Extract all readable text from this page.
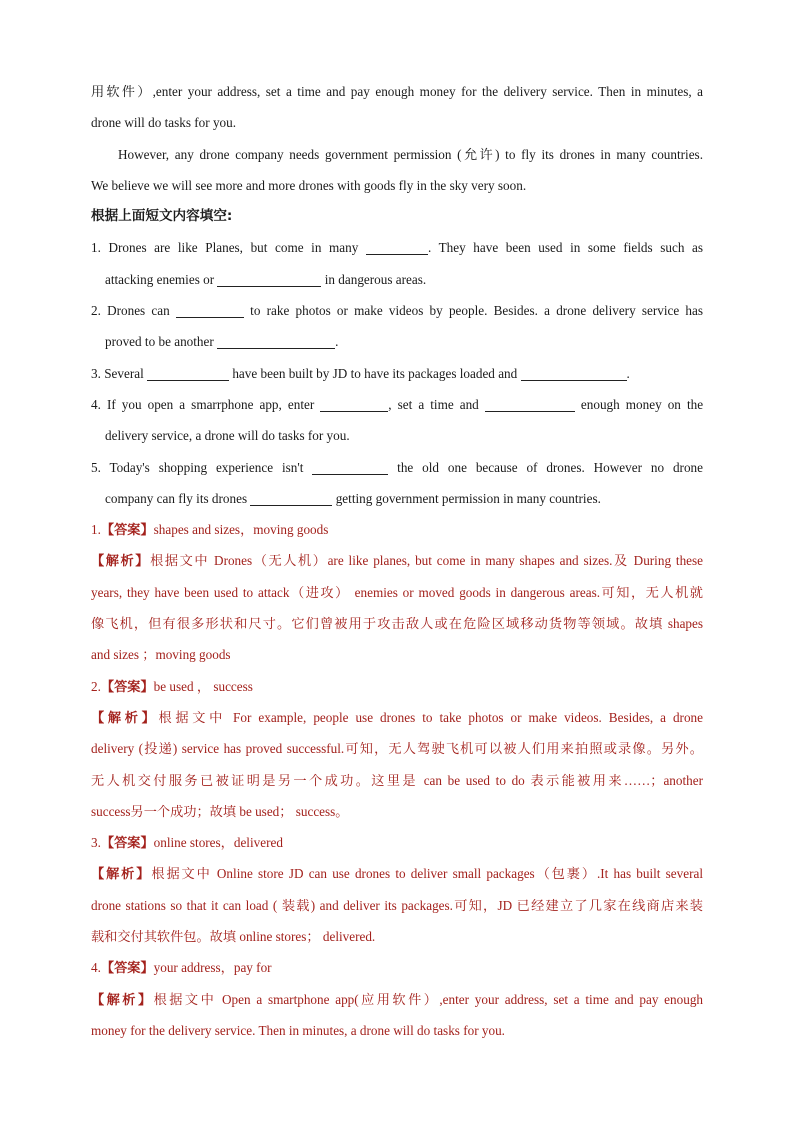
用软件）,enter your address, set a time and pay enough money for the delivery service. Then in minutes, a
drone will do tasks for you.
However, any drone company needs government permission (允许) to fly its drones in many countries.
We believe we will see more and more drones with goods fly in the sky very soon.
根据上面短文内容填空:
1. Drones are like Planes, but come in many	. They have been used in some fields such as
attacking enemies or	in dangerous areas.
2. Drones can	to rake photos or make videos by people. Besides. a drone delivery service has
proved to be another	.
3. Several	have been built by JD to have its packages loaded and	.
4. If you open a smarrphone app, enter	, set a time and	enough money on the
delivery service, a drone will do tasks for you.
5. Today's shopping experience isn't	the old one because of drones. However no drone
company can fly its drones	getting government permission in many countries.
1.【答案】shapes and sizes，moving goods
【解析】根据文中 Drones（无人机）are like planes, but come in many shapes and sizes.及 During these
years, they have been used to attack（进攻） enemies or moved goods in dangerous areas.可知，无人机就
像飞机，但有很多形状和尺寸。它们曾被用于攻击敌人或在危险区域移动货物等领域。故填 shapes
and sizes ；moving goods
2.【答案】be used ， success
【解析】根据文中 For example, people use drones to take photos or make videos. Besides, a drone
delivery (投递) service has proved successful.可知，无人驾驶飞机可以被人们用来拍照或录像。另外。
无人机交付服务已被证明是另一个成功。这里是 can be used to do 表示能被用来……；another
success另一个成功；故填 be used； success。
3.【答案】online stores，delivered
【解析】根据文中 Online store JD can use drones to deliver small packages（包裹）.It has built several
drone stations so that it can load ( 装载) and deliver its packages.可知，JD 已经建立了几家在线商店来装
载和交付其软件包。故填 online stores； delivered.
4.【答案】your address，pay for
【解析】根据文中 Open a smartphone app(应用软件）,enter your address, set a time and pay enough
money for the delivery service. Then in minutes, a drone will do tasks for you.
